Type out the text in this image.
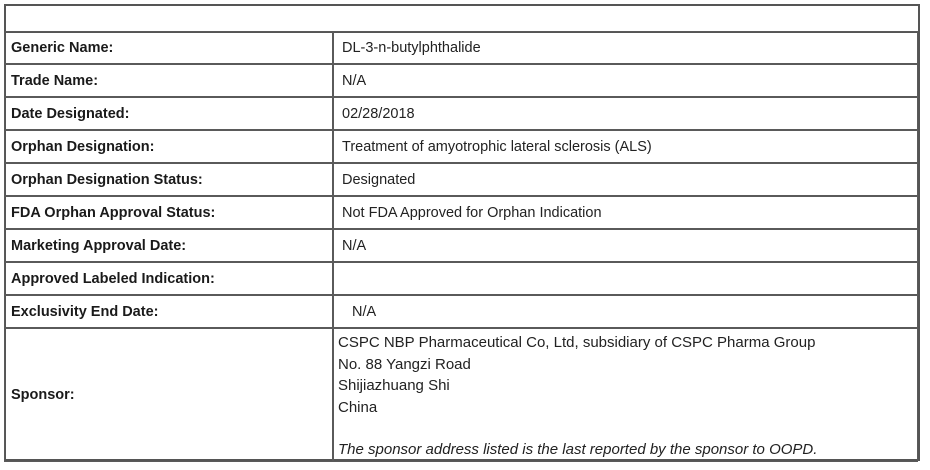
Generic Name:	DL-3-n-butylphthalide
Trade Name:	N/A
Date Designated:	02/28/2018
Orphan Designation:	Treatment of amyotrophic lateral sclerosis (ALS)
Orphan Designation Status:	Designated
FDA Orphan Approval Status:	Not FDA Approved for Orphan Indication
Marketing Approval Date:	N/A
Approved Labeled Indication:	
Exclusivity End Date:	N/A
Sponsor:	CSPC NBP Pharmaceutical Co, Ltd, subsidiary of CSPC Pharma Group
No. 88 Yangzi Road
Shijiazhuang Shi
China
The sponsor address listed is the last reported by the sponsor to OOPD.
